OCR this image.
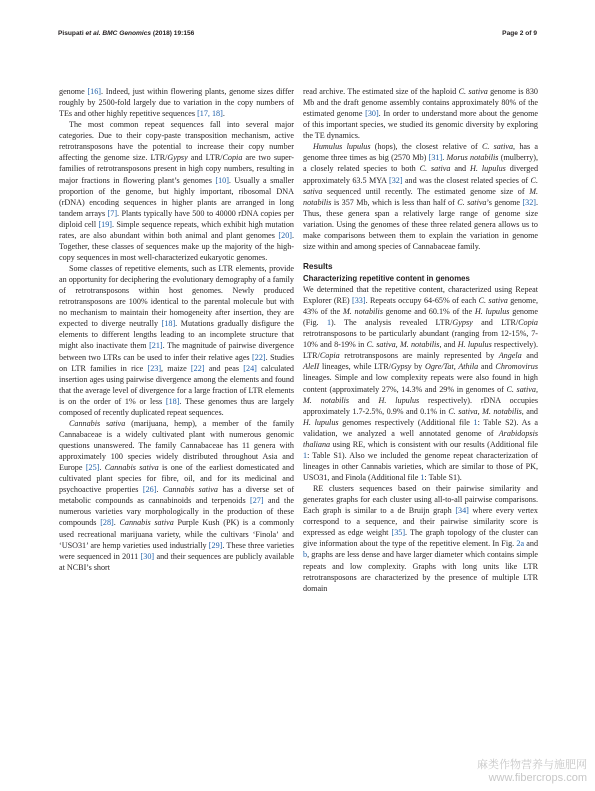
Pisupati et al. BMC Genomics (2018) 19:156	Page 2 of 9

genome [16]. Indeed, just within flowering plants, genome sizes differ roughly by 2500-fold largely due to variation in the copy numbers of TEs and other highly repetitive sequences [17, 18].

The most common repeat sequences fall into several major categories. Due to their copy-paste transposition mechanism, active retrotransposons have the potential to increase their copy number affecting the genome size. LTR/Gypsy and LTR/Copia are two super-families of retrotransposons present in high copy numbers, resulting in major fractions in flowering plant’s genomes [10]. Usually a smaller proportion of the genome, but highly important, ribosomal DNA (rDNA) encoding sequences in higher plants are arranged in long tandem arrays [7]. Plants typically have 500 to 40000 rDNA copies per diploid cell [19]. Simple sequence repeats, which exhibit high mutation rates, are also abundant within both animal and plant genomes [20]. Together, these classes of sequences make up the majority of the high-copy sequences in most well-characterized eukaryotic genomes.

Some classes of repetitive elements, such as LTR elements, provide an opportunity for deciphering the evolutionary demography of a family of retrotransposons within host genomes. Newly produced retrotransposons are 100% identical to the parental molecule but with no mechanism to maintain their homogeneity after insertion, they are expected to diverge neutrally [18]. Mutations gradually disfigure the elements to different lengths leading to an incomplete structure that might also inactivate them [21]. The magnitude of pairwise divergence between two LTRs can be used to infer their relative ages [22]. Studies on LTR families in rice [23], maize [22] and peas [24] calculated insertion ages using pairwise divergence among the elements and found that the average level of divergence for a large fraction of LTR elements is on the order of 1% or less [18]. These genomes thus are largely composed of recently duplicated repeat sequences.

Cannabis sativa (marijuana, hemp), a member of the family Cannabaceae is a widely cultivated plant with numerous genomic questions unanswered. The family Cannabaceae has 11 genera with approximately 100 species widely distributed throughout Asia and Europe [25]. Cannabis sativa is one of the earliest domesticated and cultivated plant species for fibre, oil, and for its medicinal and psychoactive properties [26]. Cannabis sativa has a diverse set of metabolic compounds as cannabinoids and terpenoids [27] and the numerous varieties vary morphologically in the production of these compounds [28]. Cannabis sativa Purple Kush (PK) is a commonly used recreational marijuana variety, while the cultivars ‘Finola’ and ‘USO31’ are hemp varieties used industrially [29]. These three varieties were sequenced in 2011 [30] and their sequences are publicly available at NCBI’s short

read archive. The estimated size of the haploid C. sativa genome is 830 Mb and the draft genome assembly contains approximately 80% of the estimated genome [30]. In order to understand more about the genome of this important species, we studied its genomic diversity by exploring the TE dynamics.

Humulus lupulus (hops), the closest relative of C. sativa, has a genome three times as big (2570 Mb) [31]. Morus notabilis (mulberry), a closely related species to both C. sativa and H. lupulus diverged approximately 63.5 MYA [32] and was the closest related species of C. sativa sequenced until recently. The estimated genome size of M. notabilis is 357 Mb, which is less than half of C. sativa’s genome [32]. Thus, these genera span a relatively large range of genome size variation. Using the genomes of these three related genera allows us to make comparisons between them to explain the variation in genome size within and among species of Cannabaceae family.

Results
Characterizing repetitive content in genomes

We determined that the repetitive content, characterized using Repeat Explorer (RE) [33]. Repeats occupy 64-65% of each C. sativa genome, 43% of the M. notabilis genome and 60.1% of the H. lupulus genome (Fig. 1). The analysis revealed LTR/Gypsy and LTR/Copia retrotransposons to be particularly abundant (ranging from 12-15%, 7-10% and 8-19% in C. sativa, M. notabilis, and H. lupulus respectively). LTR/Copia retrotransposons are mainly represented by Angela and AleII lineages, while LTR/Gypsy by Ogre/Tat, Athila and Chromovirus lineages. Simple and low complexity repeats were also found in high content (approximately 27%, 14.3% and 29% in genomes of C. sativa, M. notabilis and H. lupulus respectively). rDNA occupies approximately 1.7-2.5%, 0.9% and 0.1% in C. sativa, M. notabilis, and H. lupulus genomes respectively (Additional file 1: Table S2). As a validation, we analyzed a well annotated genome of Arabidopsis thaliana using RE, which is consistent with our results (Additional file 1: Table S1). Also we included the genome repeat characterization of lineages in other Cannabis varieties, which are similar to those of PK, USO31, and Finola (Additional file 1: Table S1).

RE clusters sequences based on their pairwise similarity and generates graphs for each cluster using all-to-all pairwise comparisons. Each graph is similar to a de Bruijn graph [34] where every vertex correspond to a sequence, and their pairwise similarity score is expressed as edge weight [35]. The graph topology of the cluster can give information about the type of the repetitive element. In Fig. 2a and b, graphs are less dense and have larger diameter which contains simple repeats and low complexity. Graphs with long units like LTR retrotransposons are characterized by the presence of multiple LTR domain

麻类作物营养与施肥网
www.fibercrops.com
